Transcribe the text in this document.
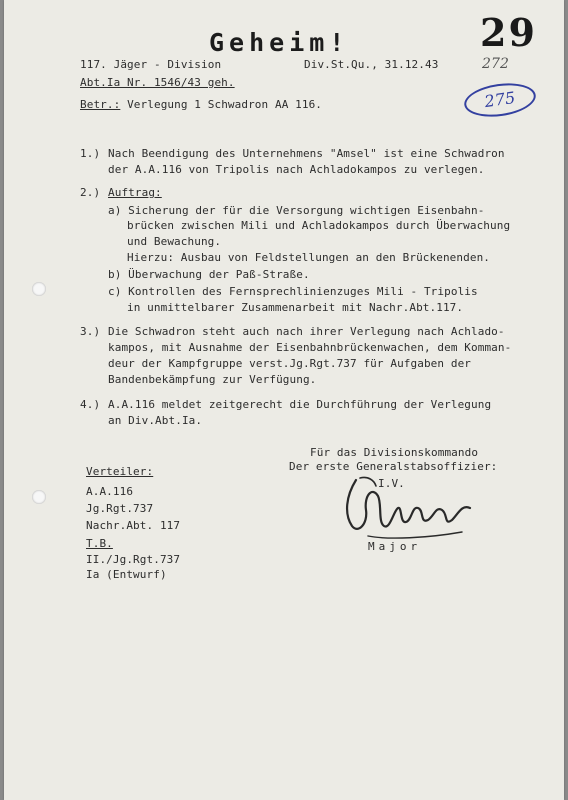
Geheim!	29
272
275
117. Jäger - Division
Abt.Ia Nr. 1546/43 geh.
Div.St.Qu., 31.12.43
Betr.: Verlegung 1 Schwadron AA 116.
1.) Nach Beendigung des Unternehmens "Amsel" ist eine Schwadron
der A.A.116 von Tripolis nach Achladokampos zu verlegen.
2.) Auftrag:
a) Sicherung der für die Versorgung wichtigen Eisenbahn-
brücken zwischen Mili und Achladokampos durch Überwachung
und Bewachung.
Hierzu: Ausbau von Feldstellungen an den Brückenenden.
b) Überwachung der Paß-Straße.
c) Kontrollen des Fernsprechlinienzuges Mili - Tripolis
in unmittelbarer Zusammenarbeit mit Nachr.Abt.117.
3.) Die Schwadron steht auch nach ihrer Verlegung nach Achlado-
kampos, mit Ausnahme der Eisenbahnbrückenwachen, dem Komman-
deur der Kampfgruppe verst.Jg.Rgt.737 für Aufgaben der
Bandenbekämpfung zur Verfügung.
4.) A.A.116 meldet zeitgerecht die Durchführung der Verlegung
an Div.Abt.Ia.
Für das Divisionskommando
Der erste Generalstabsoffizier:
I.V.
Major
Verteiler:
A.A.116
Jg.Rgt.737
Nachr.Abt. 117
T.B.
II./Jg.Rgt.737
Ia (Entwurf)
